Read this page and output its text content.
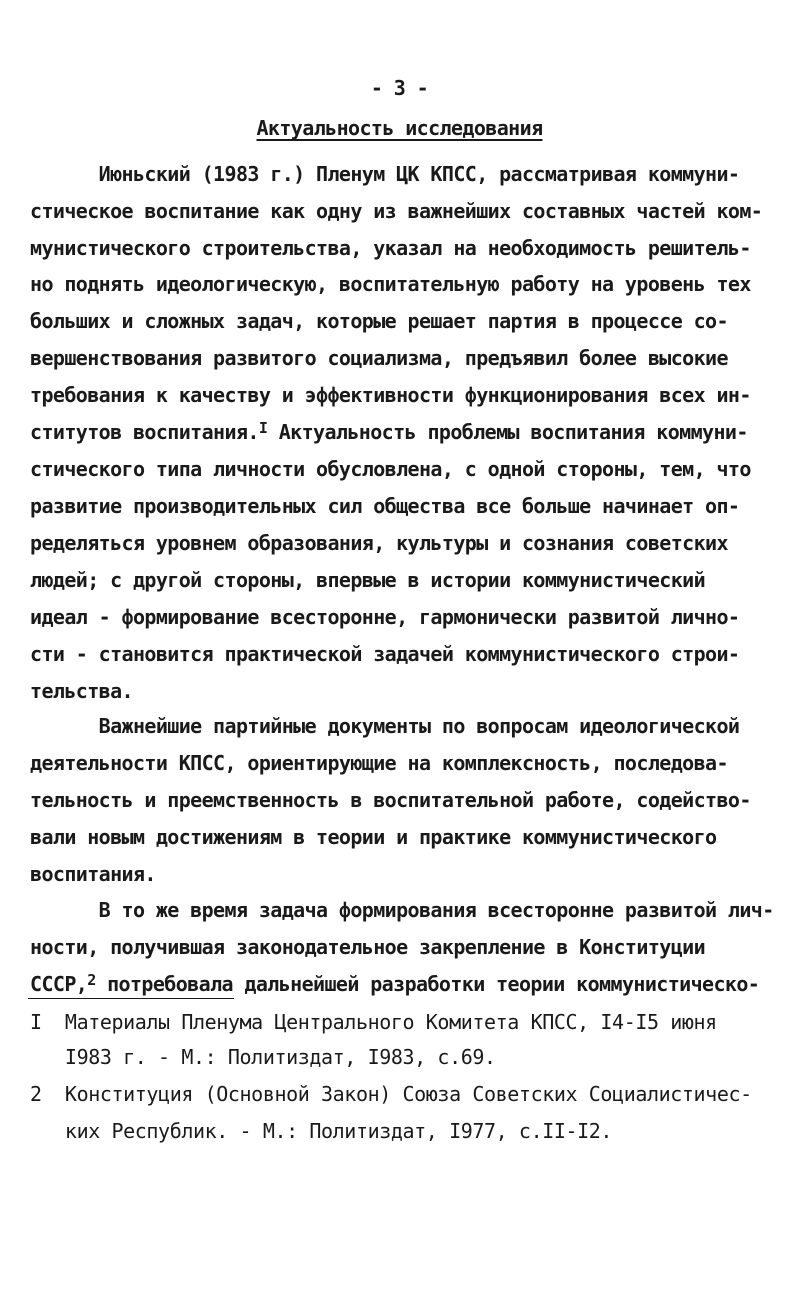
- 3 -
Актуальность исследования
Июньский (1983 г.) Пленум ЦК КПСС, рассматривая коммуни-
стическое воспитание как одну из важнейших составных частей ком-
мунистического строительства, указал на необходимость решитель-
но поднять идеологическую, воспитательную работу на уровень тех
больших и сложных задач, которые решает партия в процессе со-
вершенствования развитого социализма, предъявил более высокие
требования к качеству и эффективности функционирования всех ин-
ститутов воспитания.$^I$ Актуальность проблемы воспитания коммуни-
стического типа личности обусловлена, с одной стороны, тем, что
развитие производительных сил общества все больше начинает оп-
ределяться уровнем образования, культуры и сознания советских
людей; с другой стороны, впервые в истории коммунистический
идеал - формирование всесторонне, гармонически развитой лично-
сти - становится практической задачей коммунистического строи-
тельства.
Важнейшие партийные документы по вопросам идеологической
деятельности КПСС, ориентирующие на комплексность, последова-
тельность и преемственность в воспитательной работе, содейство-
вали новым достижениям в теории и практике коммунистического
воспитания.
В то же время задача формирования всесторонне развитой лич-
ности, получившая законодательное закрепление в Конституции
СССР,$^2$ потребовала дальнейшей разработки теории коммунистическо-
I  Материалы Пленума Центрального Комитета КПСС, I4-I5 июня
I983 г. - М.: Политиздат, I983, с.69.
2  Конституция (Основной Закон) Союза Советских Социалистичес-
ких Республик. - М.: Политиздат, I977, с.II-I2.
